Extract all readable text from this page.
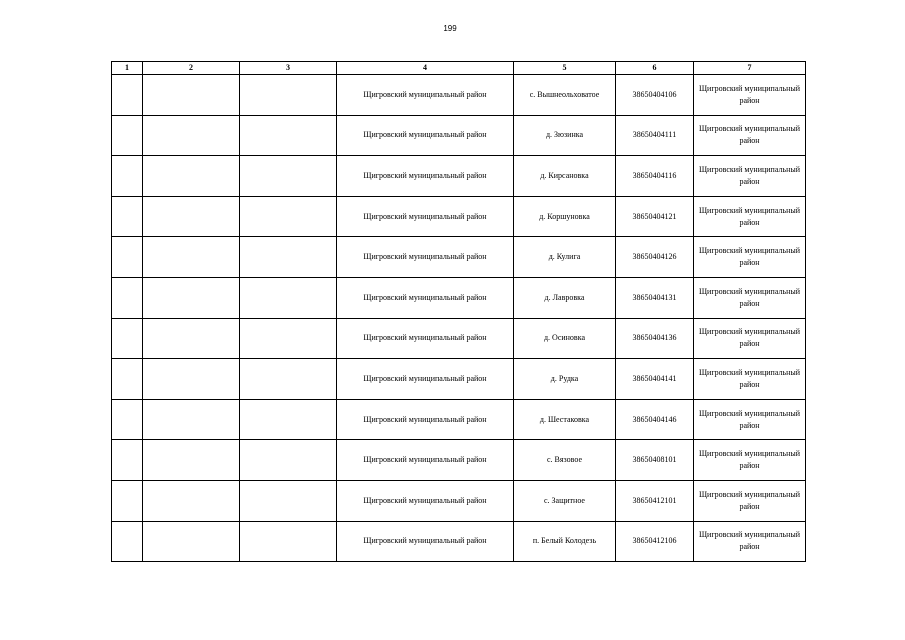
199
1	2	3	4	5	6	7
			Щигровский муниципальный район	с. Вышнеольховатое	38650404106	Щигровский муниципальный район
			Щигровский муниципальный район	д. Зюзинка	38650404111	Щигровский муниципальный район
			Щигровский муниципальный район	д. Кирсановка	38650404116	Щигровский муниципальный район
			Щигровский муниципальный район	д. Коршуновка	38650404121	Щигровский муниципальный район
			Щигровский муниципальный район	д. Кулига	38650404126	Щигровский муниципальный район
			Щигровский муниципальный район	д. Лавровка	38650404131	Щигровский муниципальный район
			Щигровский муниципальный район	д. Осиновка	38650404136	Щигровский муниципальный район
			Щигровский муниципальный район	д. Рудка	38650404141	Щигровский муниципальный район
			Щигровский муниципальный район	д. Шестаковка	38650404146	Щигровский муниципальный район
			Щигровский муниципальный район	с. Вязовое	38650408101	Щигровский муниципальный район
			Щигровский муниципальный район	с. Защитное	38650412101	Щигровский муниципальный район
			Щигровский муниципальный район	п. Белый Колодезь	38650412106	Щигровский муниципальный район
